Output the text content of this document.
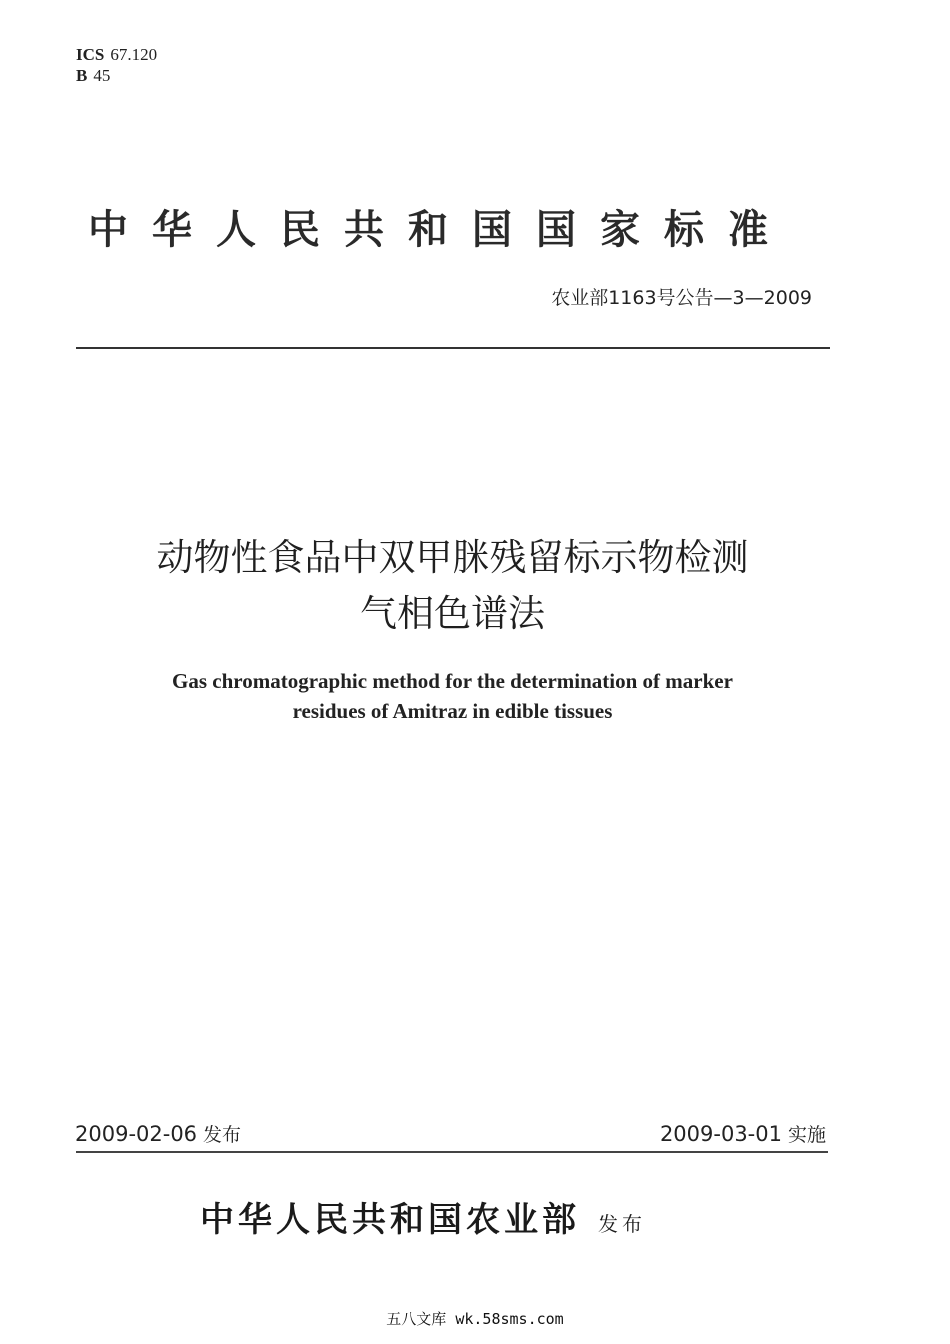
ICS 67.120
B 45
中华人民共和国国家标准
农业部1163号公告—3—2009
动物性食品中双甲脒残留标示物检测
气相色谱法
Gas chromatographic method for the determination of marker
residues of Amitraz in edible tissues
2009-02-06 发布	2009-03-01 实施
中华人民共和国农业部 发布
五八文库 wk.58sms.com
